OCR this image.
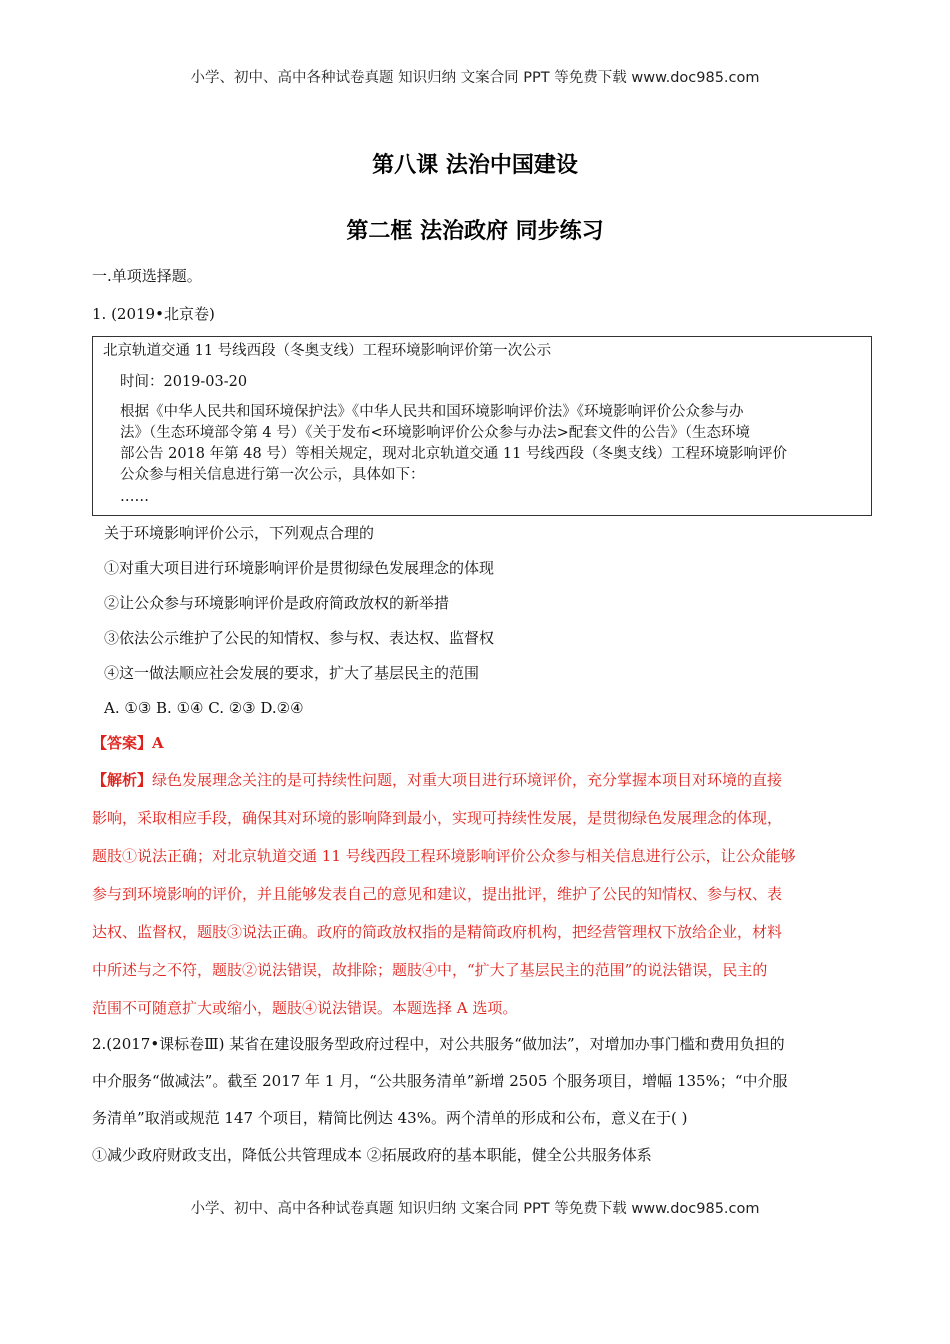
小学、初中、高中各种试卷真题 知识归纳 文案合同 PPT 等免费下载 www.doc985.com
第八课 法治中国建设
第二框 法治政府 同步练习
一.单项选择题。
1. (2019•北京卷)
北京轨道交通 11 号线西段（冬奥支线）工程环境影响评价第一次公示
时间：2019-03-20
根据《中华人民共和国环境保护法》《中华人民共和国环境影响评价法》《环境影响评价公众参与办
法》（生态环境部令第 4 号）《关于发布<环境影响评价公众参与办法>配套文件的公告》（生态环境
部公告 2018 年第 48 号）等相关规定，现对北京轨道交通 11 号线西段（冬奥支线）工程环境影响评价
公众参与相关信息进行第一次公示，具体如下：
……
关于环境影响评价公示，下列观点合理的
①对重大项目进行环境影响评价是贯彻绿色发展理念的体现
②让公众参与环境影响评价是政府简政放权的新举措
③依法公示维护了公民的知情权、参与权、表达权、监督权
④这一做法顺应社会发展的要求，扩大了基层民主的范围
A. ①③ B. ①④ C. ②③ D.②④
【答案】A
【解析】绿色发展理念关注的是可持续性问题，对重大项目进行环境评价，充分掌握本项目对环境的直接
影响，采取相应手段，确保其对环境的影响降到最小，实现可持续性发展，是贯彻绿色发展理念的体现，
题肢①说法正确；对北京轨道交通 11 号线西段工程环境影响评价公众参与相关信息进行公示，让公众能够
参与到环境影响的评价，并且能够发表自己的意见和建议，提出批评，维护了公民的知情权、参与权、表
达权、监督权，题肢③说法正确。政府的简政放权指的是精简政府机构，把经营管理权下放给企业，材料
中所述与之不符，题肢②说法错误，故排除；题肢④中，“扩大了基层民主的范围”的说法错误，民主的
范围不可随意扩大或缩小，题肢④说法错误。本题选择 A 选项。
2.(2017•课标卷Ⅲ) 某省在建设服务型政府过程中，对公共服务“做加法”，对增加办事门槛和费用负担的
中介服务“做减法”。截至 2017 年 1 月，“公共服务清单”新增 2505 个服务项目，增幅 135%；“中介服
务清单”取消或规范 147 个项目，精简比例达 43%。两个清单的形成和公布，意义在于( )
①减少政府财政支出，降低公共管理成本 ②拓展政府的基本职能，健全公共服务体系
小学、初中、高中各种试卷真题 知识归纳 文案合同 PPT 等免费下载 www.doc985.com
